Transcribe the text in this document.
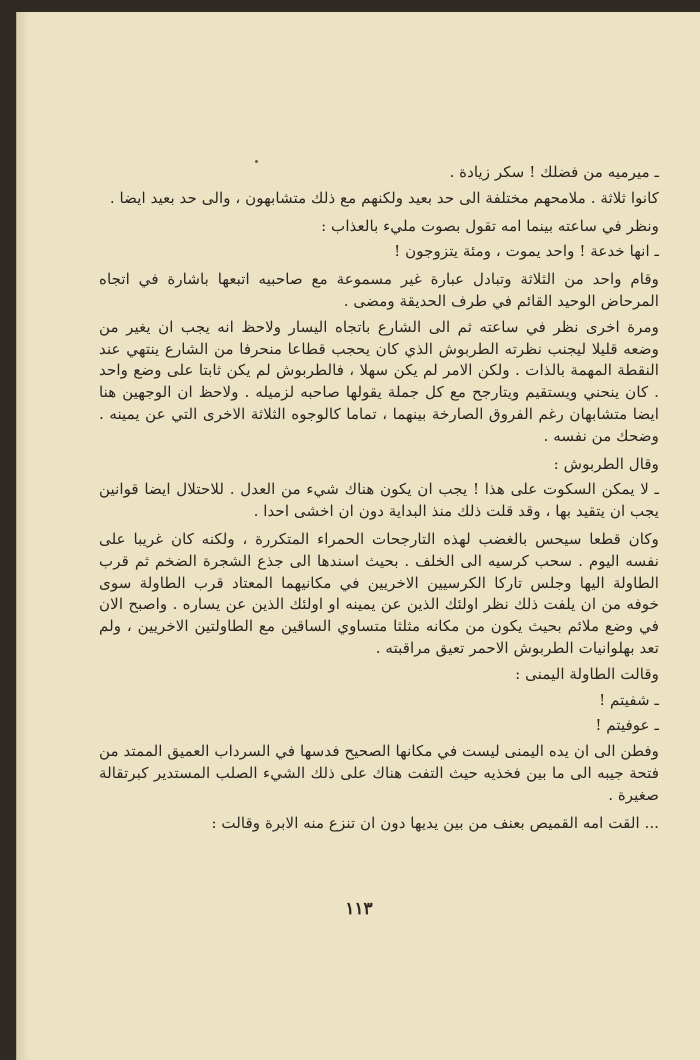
ـ ميرميه من فضلك ! سكر زيادة .

كانوا ثلاثة . ملامحهم مختلفة الى حد بعيد ولكنهم مع ذلك متشابهون ، والى حد بعيد ايضا .

ونظر في ساعته بينما امه تقول بصوت مليء بالعذاب :

ـ انها خدعة ! واحد يموت ، ومئة يتزوجون !

وقام واحد من الثلاثة وتبادل عبارة غير مسموعة مع صاحبيه اتبعها باشارة في اتجاه المرحاض الوحيد القائم في طرف الحديقة ومضى .

ومرة اخرى نظر في ساعته ثم الى الشارع باتجاه اليسار ولاحظ انه يجب ان يغير من وضعه قليلا ليجنب نظرته الطربوش الذي كان يحجب قطاعا منحرفا من الشارع ينتهي عند النقطة المهمة بالذات . ولكن الامر لم يكن سهلا ، فالطربوش لم يكن ثابتا على وضع واحد . كان ينحني ويستقيم ويتارجح مع كل جملة يقولها صاحبه لزميله . ولاحظ ان الوجهين هنا ايضا متشابهان رغم الفروق الصارخة بينهما ، تماما كالوجوه الثلاثة الاخرى التي عن يمينه . وضحك من نفسه .

وقال الطربوش :

ـ لا يمكن السكوت على هذا ! يجب ان يكون هناك شيء من العدل . للاحتلال ايضا قوانين يجب ان يتقيد بها ، وقد قلت ذلك منذ البداية دون ان اخشى احدا .

وكان قطعا سيحس بالغضب لهذه التارجحات الحمراء المتكررة ، ولكنه كان غريبا على نفسه اليوم . سحب كرسيه الى الخلف . بحيث اسندها الى جذع الشجرة الضخم ثم قرب الطاولة اليها وجلس تاركا الكرسيين الاخريين في مكانيهما المعتاد قرب الطاولة سوى خوفه من ان يلفت ذلك نظر اولئك الذين عن يمينه او اولئك الذين عن يساره . واصبح الان في وضع ملائم بحيث يكون من مكانه مثلثا متساوي الساقين مع الطاولتين الاخريين ، ولم تعد بهلوانيات الطربوش الاحمر تعيق مراقبته .

وقالت الطاولة اليمنى :

ـ شفيتم !

ـ عوفيتم !

وفطن الى ان يده اليمنى ليست في مكانها الصحيح فدسها في السرداب العميق الممتد من فتحة جيبه الى ما بين فخذيه حيث التفت هناك على ذلك الشيء الصلب المستدير كبرتقالة صغيرة .

... القت امه القميص بعنف من بين يديها دون ان تنزع منه الابرة وقالت :

١١٣
